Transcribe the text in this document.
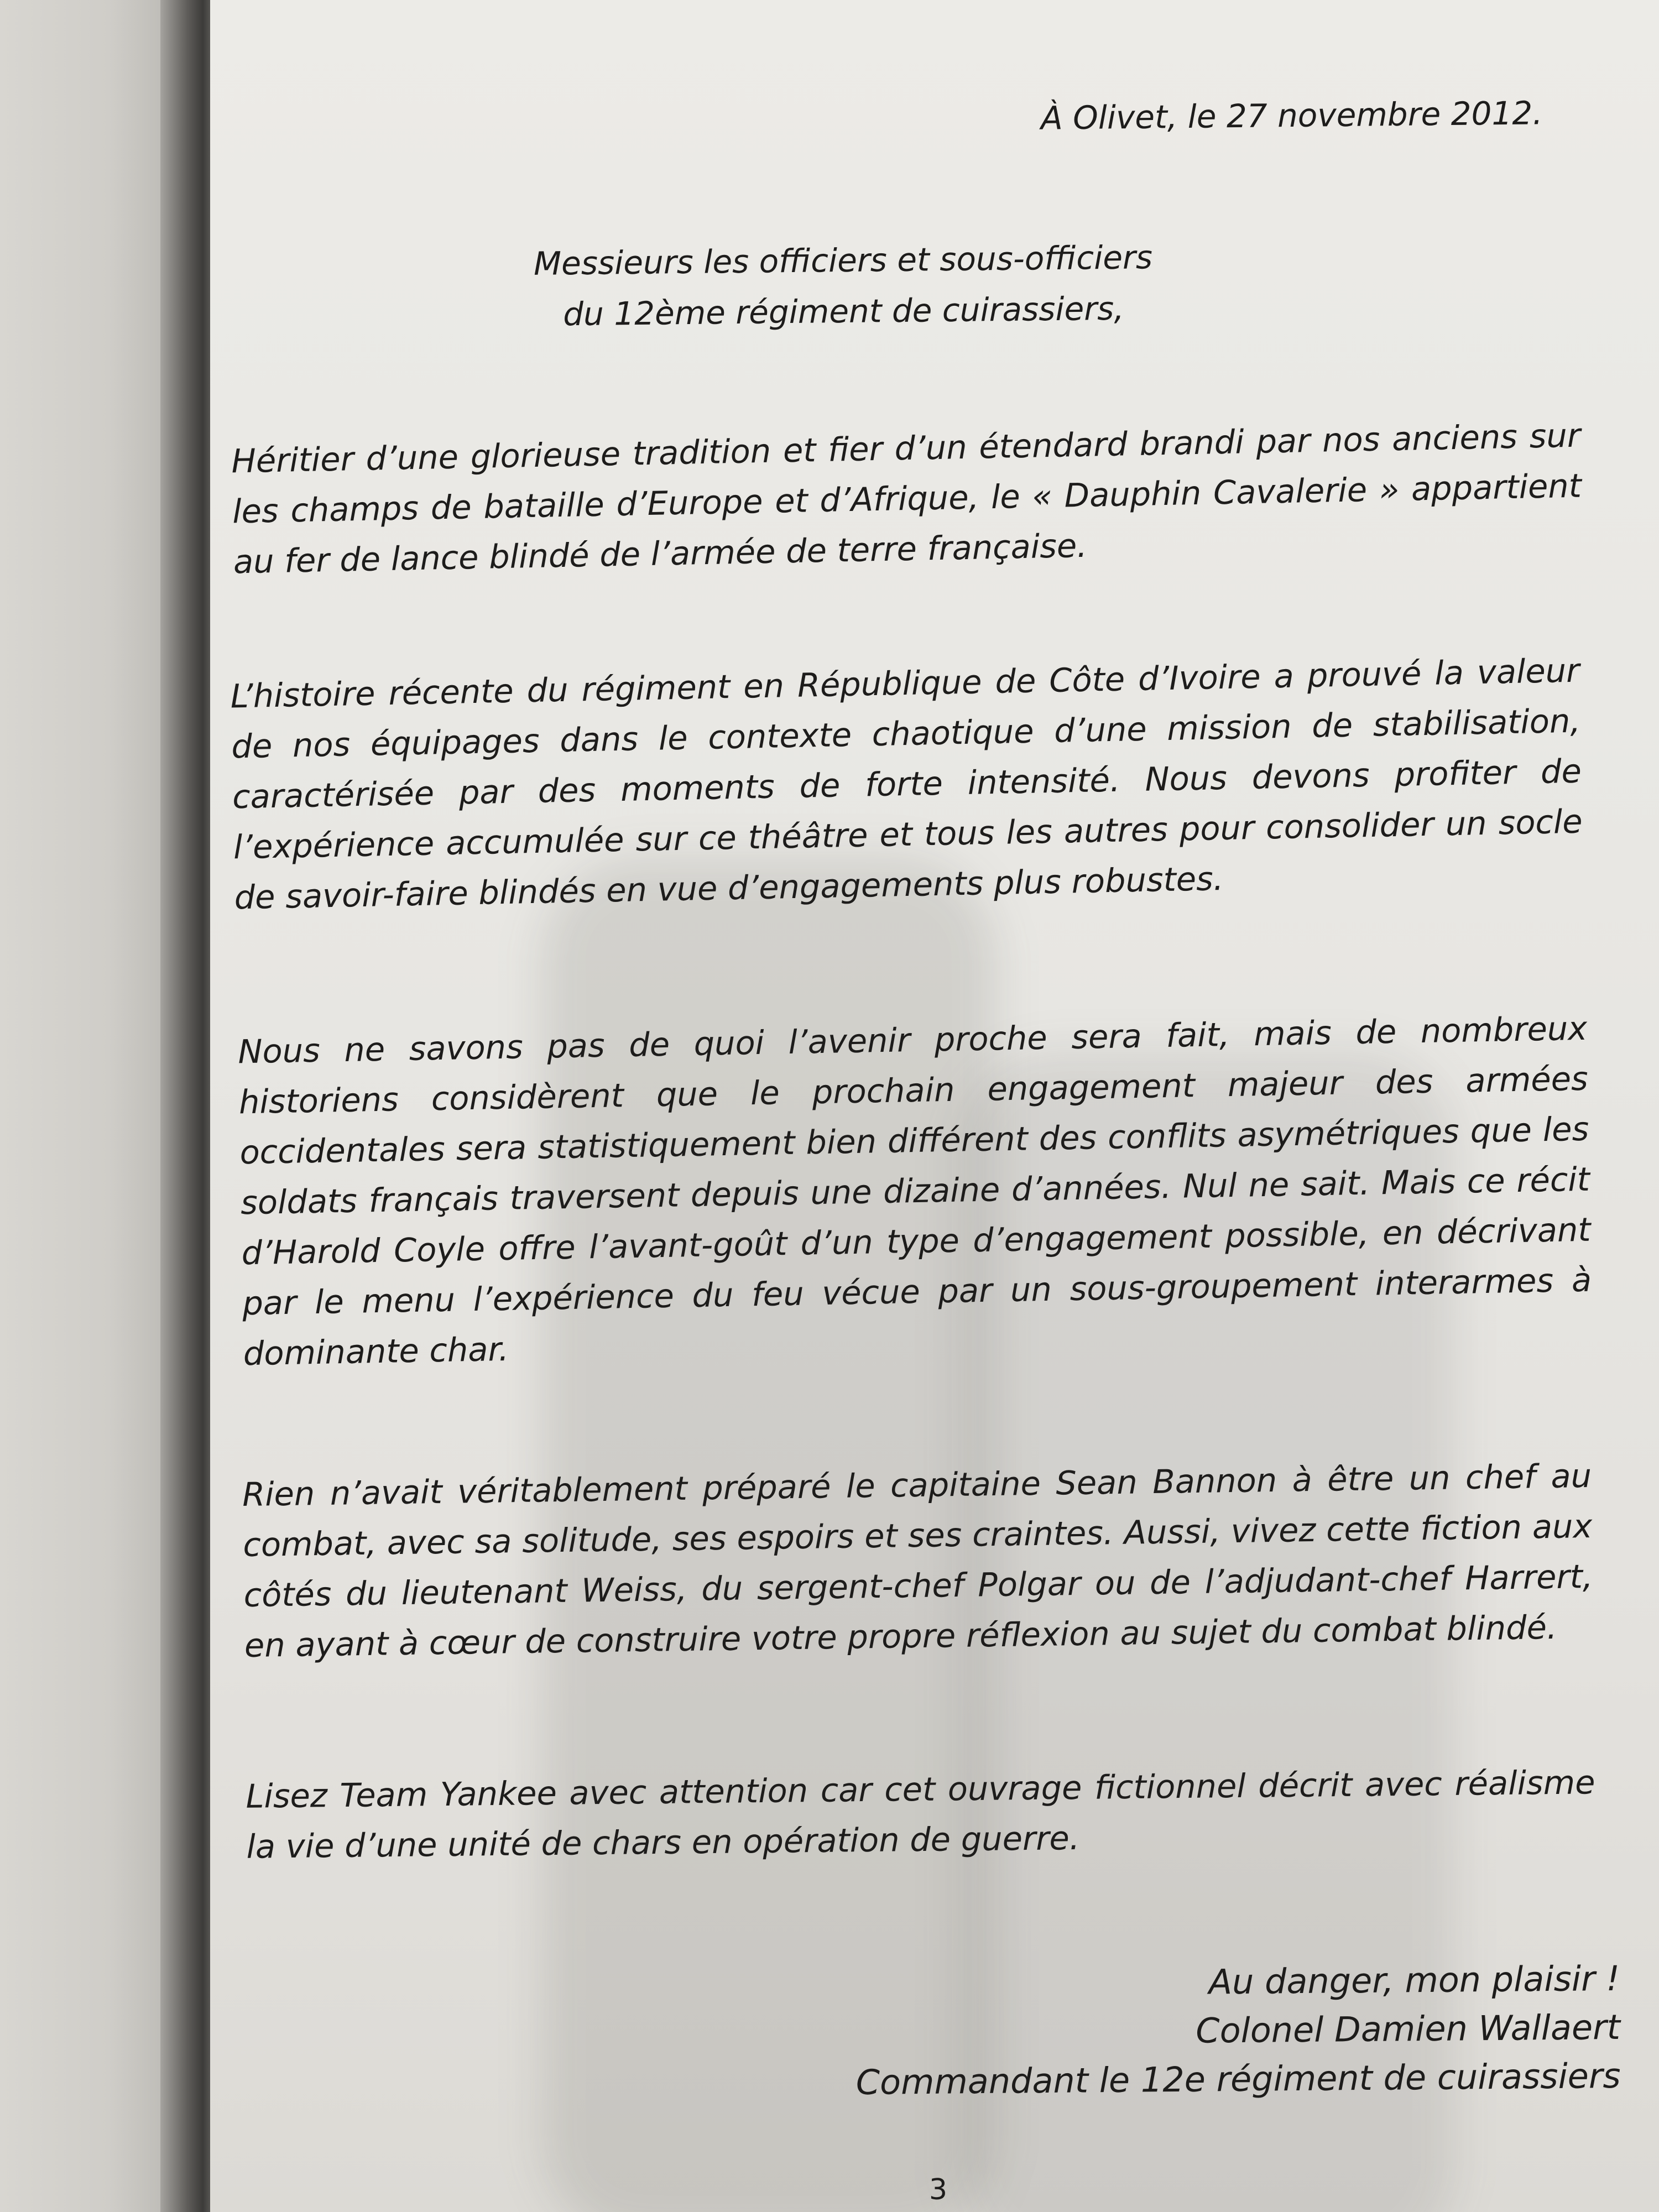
À Olivet, le 27 novembre 2012.
Messieurs les officiers et sous-officiers
du 12ème régiment de cuirassiers,
Héritier d’une glorieuse tradition et fier d’un étendard brandi par nos anciens sur les champs de bataille d’Europe et d’Afrique, le « Dauphin Cavalerie » appartient au fer de lance blindé de l’armée de terre française.
L’histoire récente du régiment en République de Côte d’Ivoire a prouvé la valeur de nos équipages dans le contexte chaotique d’une mission de stabilisation, caractérisée par des moments de forte intensité. Nous devons profiter de l’expérience accumulée sur ce théâtre et tous les autres pour consolider un socle de savoir-faire blindés en vue d’engagements plus robustes.
Nous ne savons pas de quoi l’avenir proche sera fait, mais de nombreux historiens considèrent que le prochain engagement majeur des armées occidentales sera statistiquement bien différent des conflits asymétriques que les soldats français traversent depuis une dizaine d’années. Nul ne sait. Mais ce récit d’Harold Coyle offre l’avant-goût d’un type d’engagement possible, en décrivant par le menu l’expérience du feu vécue par un sous-groupement interarmes à dominante char.
Rien n’avait véritablement préparé le capitaine Sean Bannon à être un chef au combat, avec sa solitude, ses espoirs et ses craintes. Aussi, vivez cette fiction aux côtés du lieutenant Weiss, du sergent-chef Polgar ou de l’adjudant-chef Harrert, en ayant à cœur de construire votre propre réflexion au sujet du combat blindé.
Lisez Team Yankee avec attention car cet ouvrage fictionnel décrit avec réalisme la vie d’une unité de chars en opération de guerre.
Au danger, mon plaisir !
Colonel Damien Wallaert
Commandant le 12e régiment de cuirassiers
3
